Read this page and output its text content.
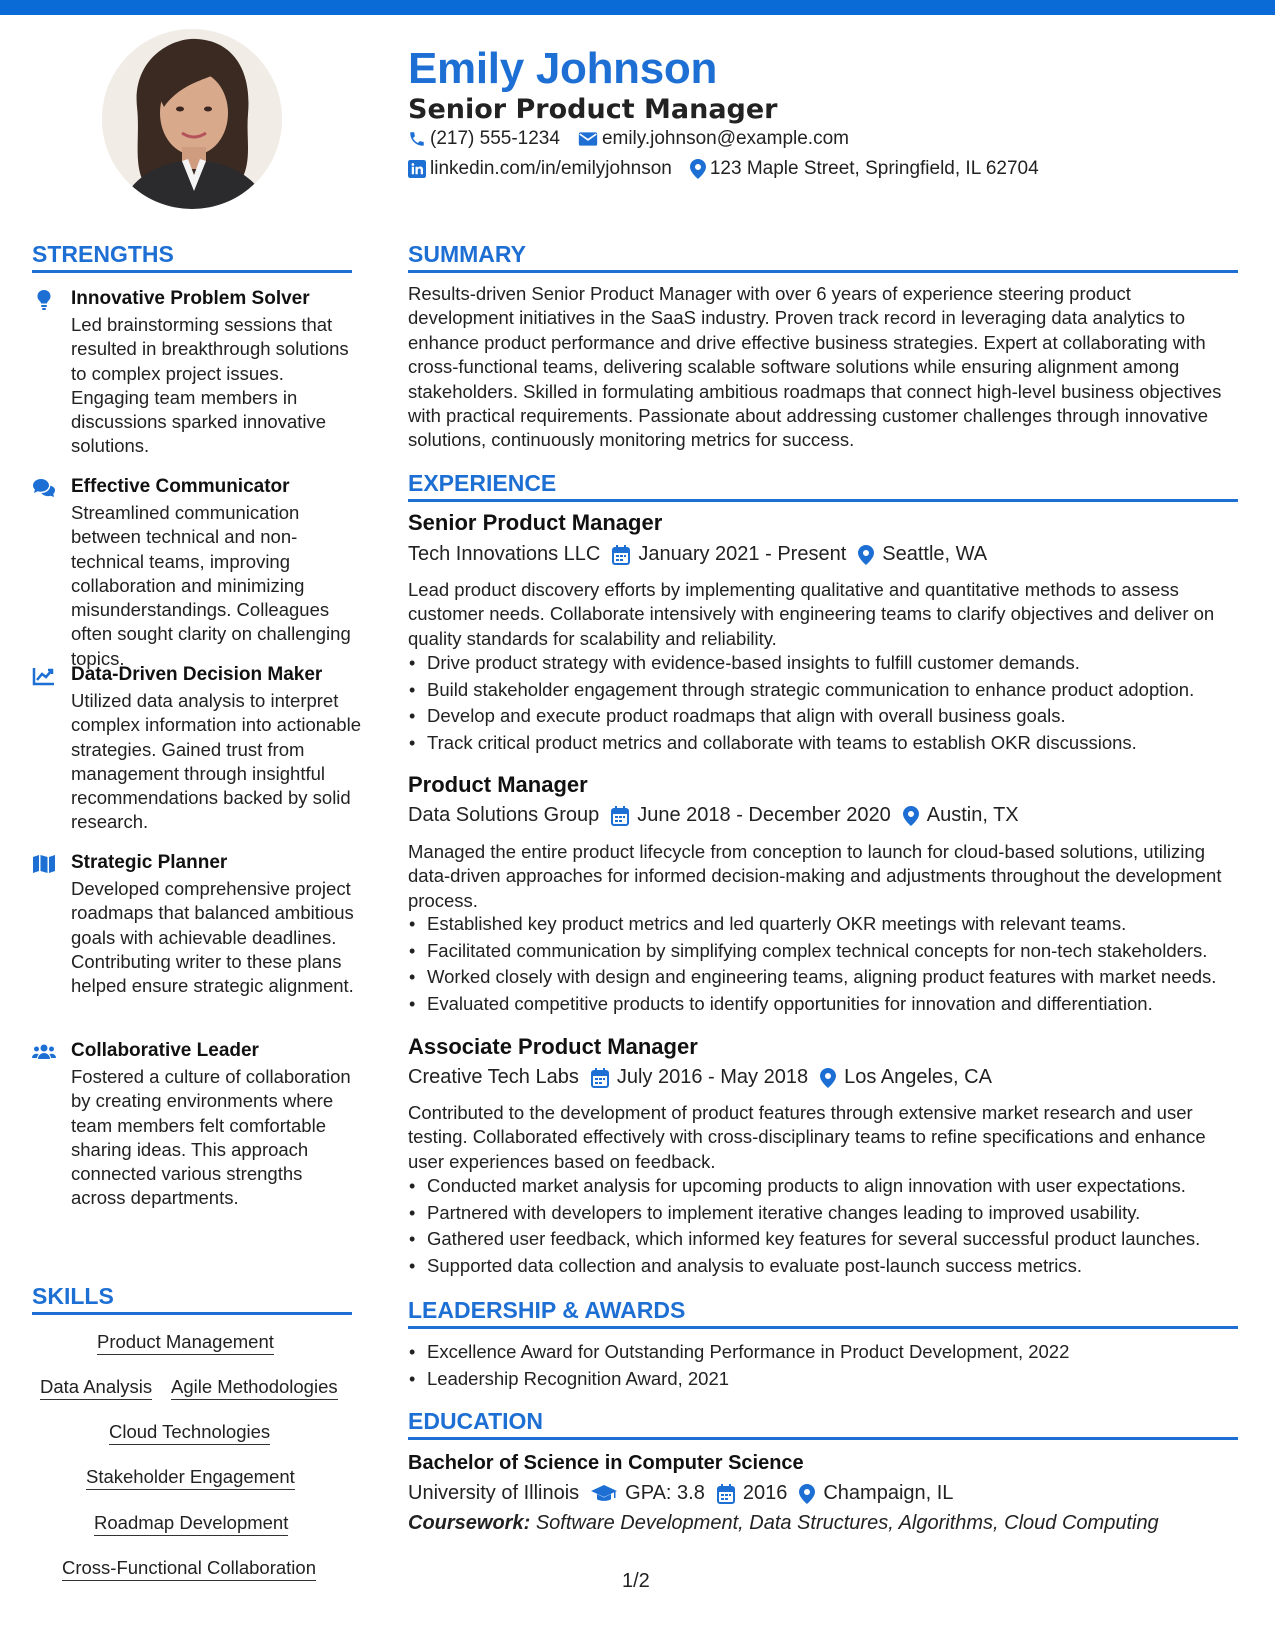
Emily Johnson
Senior Product Manager
(217) 555-1234 emily.johnson@example.com
linkedin.com/in/emilyjohnson 123 Maple Street, Springfield, IL 62704
STRENGTHS
Innovative Problem Solver
Led brainstorming sessions that resulted in breakthrough solutions to complex project issues. Engaging team members in discussions sparked innovative solutions.
Effective Communicator
Streamlined communication between technical and non-technical teams, improving collaboration and minimizing misunderstandings. Colleagues often sought clarity on challenging topics.
Data-Driven Decision Maker
Utilized data analysis to interpret complex information into actionable strategies. Gained trust from management through insightful recommendations backed by solid research.
Strategic Planner
Developed comprehensive project roadmaps that balanced ambitious goals with achievable deadlines. Contributing writer to these plans helped ensure strategic alignment.
Collaborative Leader
Fostered a culture of collaboration by creating environments where team members felt comfortable sharing ideas. This approach connected various strengths across departments.
SKILLS
Product Management
Data Analysis Agile Methodologies
Cloud Technologies
Stakeholder Engagement
Roadmap Development
Cross-Functional Collaboration
SUMMARY

Results-driven Senior Product Manager with over 6 years of experience steering product development initiatives in the SaaS industry. Proven track record in leveraging data analytics to enhance product performance and drive effective business strategies. Expert at collaborating with cross-functional teams, delivering scalable software solutions while ensuring alignment among stakeholders. Skilled in formulating ambitious roadmaps that connect high-level business objectives with practical requirements. Passionate about addressing customer challenges through innovative solutions, continuously monitoring metrics for success.

EXPERIENCE
Senior Product Manager
Tech Innovations LLC January 2021 - Present Seattle, WA

Lead product discovery efforts by implementing qualitative and quantitative methods to assess customer needs. Collaborate intensively with engineering teams to clarify objectives and deliver on quality standards for scalability and reliability.

• Drive product strategy with evidence-based insights to fulfill customer demands.
• Build stakeholder engagement through strategic communication to enhance product adoption.
• Develop and execute product roadmaps that align with overall business goals.
• Track critical product metrics and collaborate with teams to establish OKR discussions.
Product Manager
Data Solutions Group June 2018 - December 2020 Austin, TX

Managed the entire product lifecycle from conception to launch for cloud-based solutions, utilizing data-driven approaches for informed decision-making and adjustments throughout the development process.

• Established key product metrics and led quarterly OKR meetings with relevant teams.
• Facilitated communication by simplifying complex technical concepts for non-tech stakeholders.
• Worked closely with design and engineering teams, aligning product features with market needs.
• Evaluated competitive products to identify opportunities for innovation and differentiation.
Associate Product Manager
Creative Tech Labs July 2016 - May 2018 Los Angeles, CA

Contributed to the development of product features through extensive market research and user testing. Collaborated effectively with cross-disciplinary teams to refine specifications and enhance user experiences based on feedback.

• Conducted market analysis for upcoming products to align innovation with user expectations.
• Partnered with developers to implement iterative changes leading to improved usability.
• Gathered user feedback, which informed key features for several successful product launches.
• Supported data collection and analysis to evaluate post-launch success metrics.
LEADERSHIP & AWARDS
• Excellence Award for Outstanding Performance in Product Development, 2022
• Leadership Recognition Award, 2021
EDUCATION
Bachelor of Science in Computer Science
University of Illinois GPA: 3.8 2016 Champaign, IL
Coursework: Software Development, Data Structures, Algorithms, Cloud Computing
1/2
